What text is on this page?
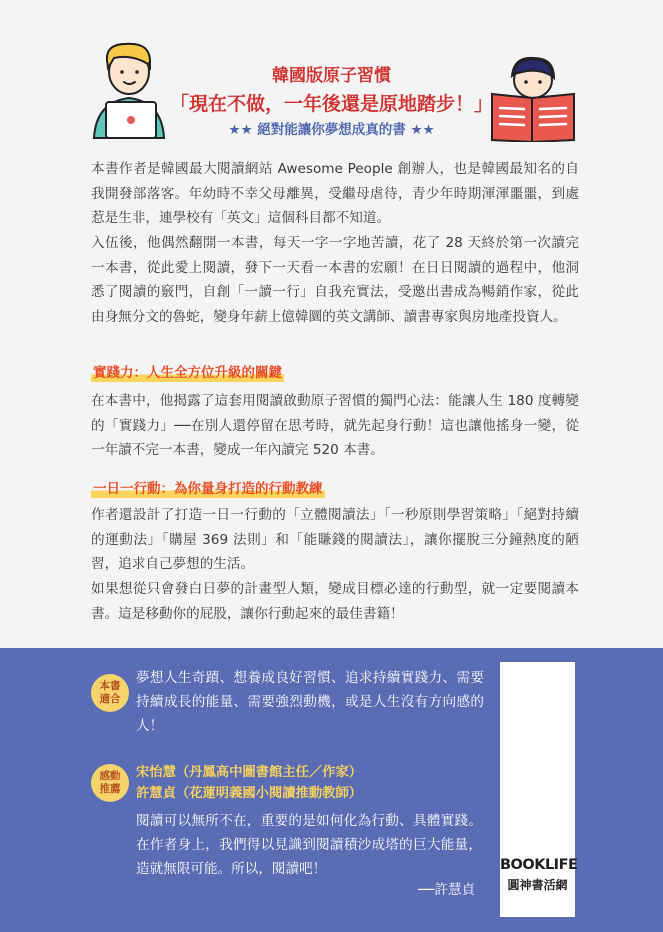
韓國版原子習慣
「現在不做，一年後還是原地踏步！」
★★ 絕對能讓你夢想成真的書 ★★
本書作者是韓國最大閱讀網站 Awesome People 創辦人，也是韓國最知名的自我開發部落客。年幼時不幸父母離異，受繼母虐待，青少年時期渾渾噩噩，到處惹是生非，連學校有「英文」這個科目都不知道。
入伍後，他偶然翻開一本書，每天一字一字地苦讀，花了 28 天終於第一次讀完一本書，從此愛上閱讀，發下一天看一本書的宏願！在日日閱讀的過程中，他洞悉了閱讀的竅門，自創「一讀一行」自我充實法，受邀出書成為暢銷作家，從此由身無分文的魯蛇，變身年薪上億韓圜的英文講師、讀書專家與房地產投資人。
實踐力：人生全方位升級的關鍵
在本書中，他揭露了這套用閱讀啟動原子習慣的獨門心法：能讓人生 180 度轉變的「實踐力」──在別人還停留在思考時，就先起身行動！這也讓他搖身一變，從一年讀不完一本書，變成一年內讀完 520 本書。
一日一行動：為你量身打造的行動教練
作者還設計了打造一日一行動的「立體閱讀法」「一秒原則學習策略」「絕對持續的運動法」「購屋 369 法則」和「能賺錢的閱讀法」，讓你擺脫三分鐘熱度的陋習，追求自己夢想的生活。
如果想從只會發白日夢的計畫型人類，變成目標必達的行動型，就一定要閱讀本書。這是移動你的屁股，讓你行動起來的最佳書籍！
本書
適合
夢想人生奇蹟、想養成良好習慣、追求持續實踐力、需要持續成長的能量、需要強烈動機，或是人生沒有方向感的人！
感動
推薦
宋怡慧（丹鳳高中圖書館主任／作家）
許慧貞（花蓮明義國小閱讀推動教師）
閱讀可以無所不在，重要的是如何化為行動、具體實踐。在作者身上，我們得以見識到閱讀積沙成塔的巨大能量，造就無限可能。所以，閱讀吧！
──許慧貞
BOOKLIFE
圓神書活網
